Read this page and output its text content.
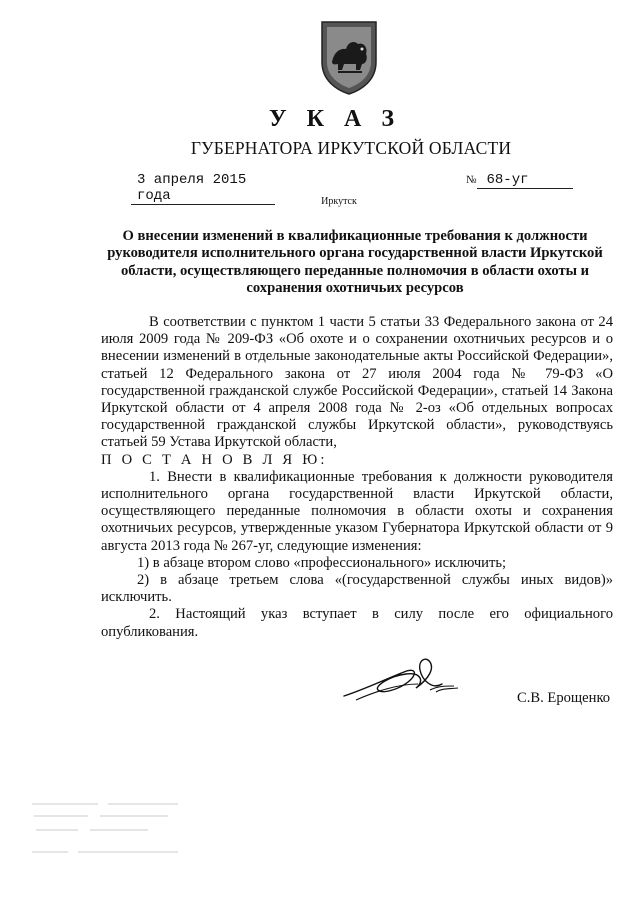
У К А З
ГУБЕРНАТОРА ИРКУТСКОЙ ОБЛАСТИ
3 апреля 2015 года
№ 68-уг
Иркутск
О внесении изменений в квалификационные требования к должности руководителя исполнительного органа государственной власти Иркутской области, осуществляющего переданные полномочия в области охоты и сохранения охотничьих ресурсов

В соответствии с пунктом 1 части 5 статьи 33 Федерального закона от 24 июля 2009 года № 209-ФЗ «Об охоте и о сохранении охотничьих ресурсов и о внесении изменений в отдельные законодательные акты Российской Федерации», статьей 12 Федерального закона от 27 июля 2004 года № 79-ФЗ «О государственной гражданской службе Российской Федерации», статьей 14 Закона Иркутской области от 4 апреля 2008 года № 2-оз «Об отдельных вопросах государственной гражданской службы Иркутской области», руководствуясь статьей 59 Устава Иркутской области,

П О С Т А Н О В Л Я Ю:

1. Внести в квалификационные требования к должности руководителя исполнительного органа государственной власти Иркутской области, осуществляющего переданные полномочия в области охоты и сохранения охотничьих ресурсов, утвержденные указом Губернатора Иркутской области от 9 августа 2013 года № 267-уг, следующие изменения:

1) в абзаце втором слово «профессионального» исключить;

2) в абзаце третьем слова «(государственной службы иных видов)» исключить.

2. Настоящий указ вступает в силу после его официального опубликования.

С.В. Ерощенко
